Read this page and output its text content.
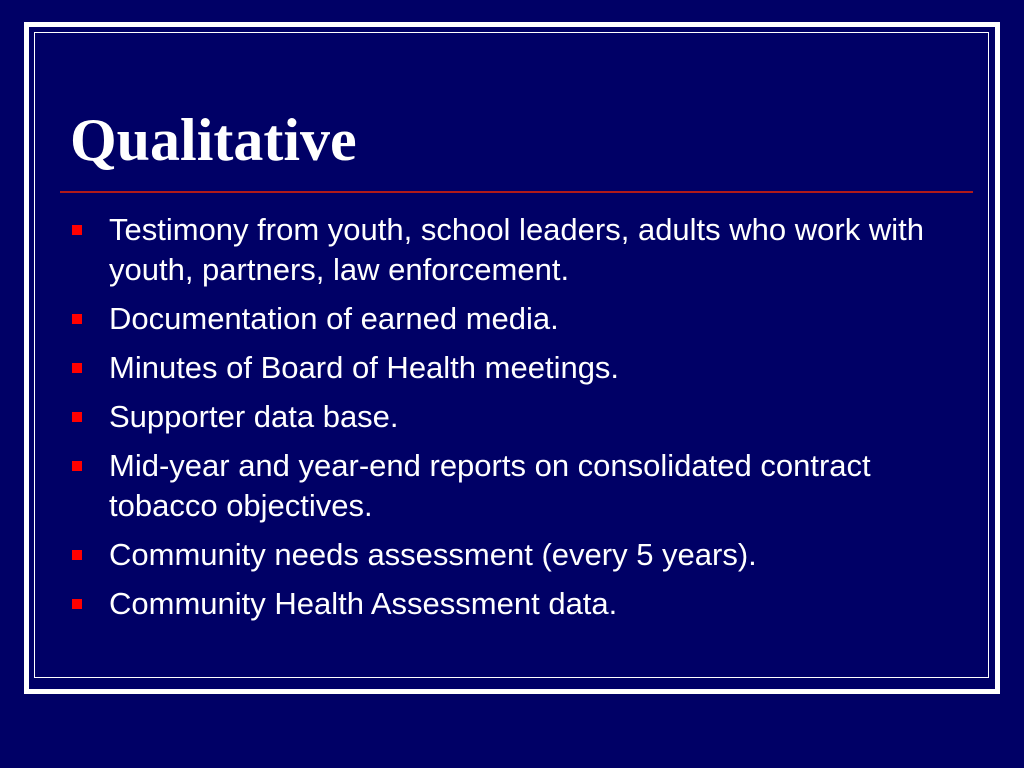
Qualitative
Testimony from youth, school leaders, adults who work with youth, partners, law enforcement.
Documentation of earned media.
Minutes of Board of Health meetings.
Supporter data base.
Mid-year and year-end reports on consolidated contract tobacco objectives.
Community needs assessment (every 5 years).
Community Health Assessment data.
